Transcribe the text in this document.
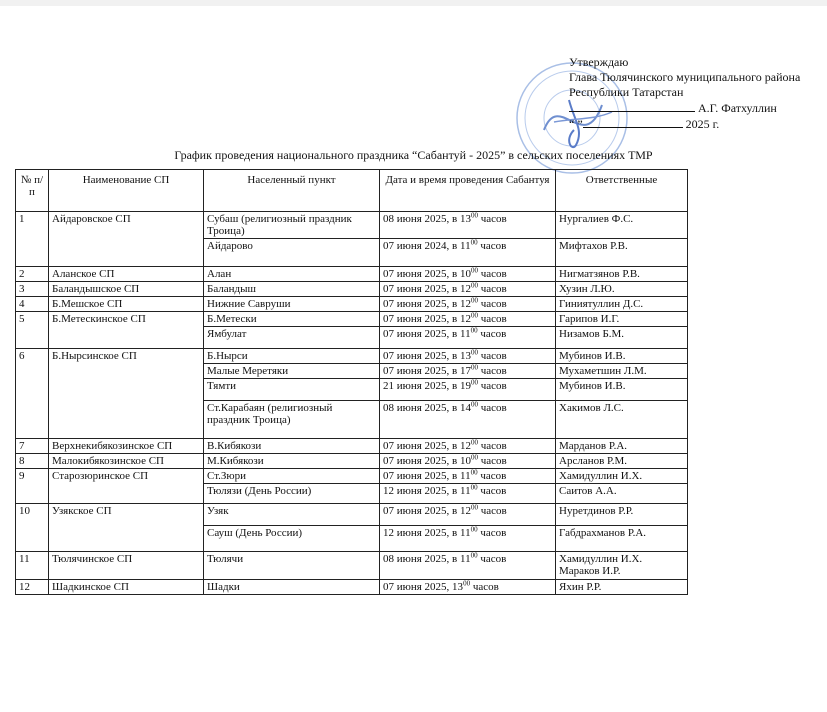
Утверждаю
Глава Тюлячинского муниципального района
Республики Татарстан
А.Г. Фатхуллин
“ ”	2025 г.
График проведения национального праздника “Сабантуй - 2025” в сельских поселениях ТМР
№ п/п	Наименование СП	Населенный пункт	Дата и время проведения Сабантуя	Ответственные
1	Айдаровское СП	Субаш (религиозный праздник Троица)	08 июня 2025, в $13^{00}$ часов	Нургалиев Ф.С.
		Айдарово	07 июня 2024, в $11^{00}$ часов	Мифтахов Р.В.
2	Аланское СП	Алан	07 июня 2025, в $10^{00}$ часов	Нигматзянов Р.В.
3	Баландышское СП	Баландыш	07 июня 2025, в $12^{00}$ часов	Хузин Л.Ю.
4	Б.Мешское СП	Нижние Савруши	07 июня 2025, в $12^{00}$ часов	Гиниятуллин Д.С.
5	Б.Метескинское СП	Б.Метески	07 июня 2025, в $12^{00}$ часов	Гарипов И.Г.
		Ямбулат	07 июня 2025, в $11^{00}$ часов	Низамов Б.М.
6	Б.Нырсинское СП	Б.Нырси	07 июня 2025, в $13^{00}$ часов	Мубинов И.В.
		Малые Меретяки	07 июня 2025, в $17^{00}$ часов	Мухаметшин Л.М.
		Тямти	21 июня 2025, в $19^{00}$ часов	Мубинов И.В.
		Ст.Карабаян (религиозный праздник Троица)	08 июня 2025, в $14^{00}$ часов	Хакимов Л.С.
7	Верхнекибякозинское СП	В.Кибякози	07 июня 2025, в $12^{00}$ часов	Марданов Р.А.
8	Малокибякозинское СП	М.Кибякози	07 июня 2025, в $10^{00}$ часов	Арсланов Р.М.
9	Старозюринское СП	Ст.Зюри	07 июня 2025, в $11^{00}$ часов	Хамидуллин И.Х.
		Тюлязи (День России)	12 июня 2025, в $11^{00}$ часов	Саитов А.А.
10	Узякское СП	Узяк	07 июня 2025, в $12^{00}$ часов	Нуретдинов Р.Р.
		Сауш (День России)	12 июня 2025, в $11^{00}$ часов	Габдрахманов Р.А.
11	Тюлячинское СП	Тюлячи	08 июня 2025, в $11^{00}$ часов	Хамидуллин И.Х.
Мараков И.Р.

12	Шадкинское СП	Шадки	07 июня 2025, $13^{00}$ часов	Яхин Р.Р.
